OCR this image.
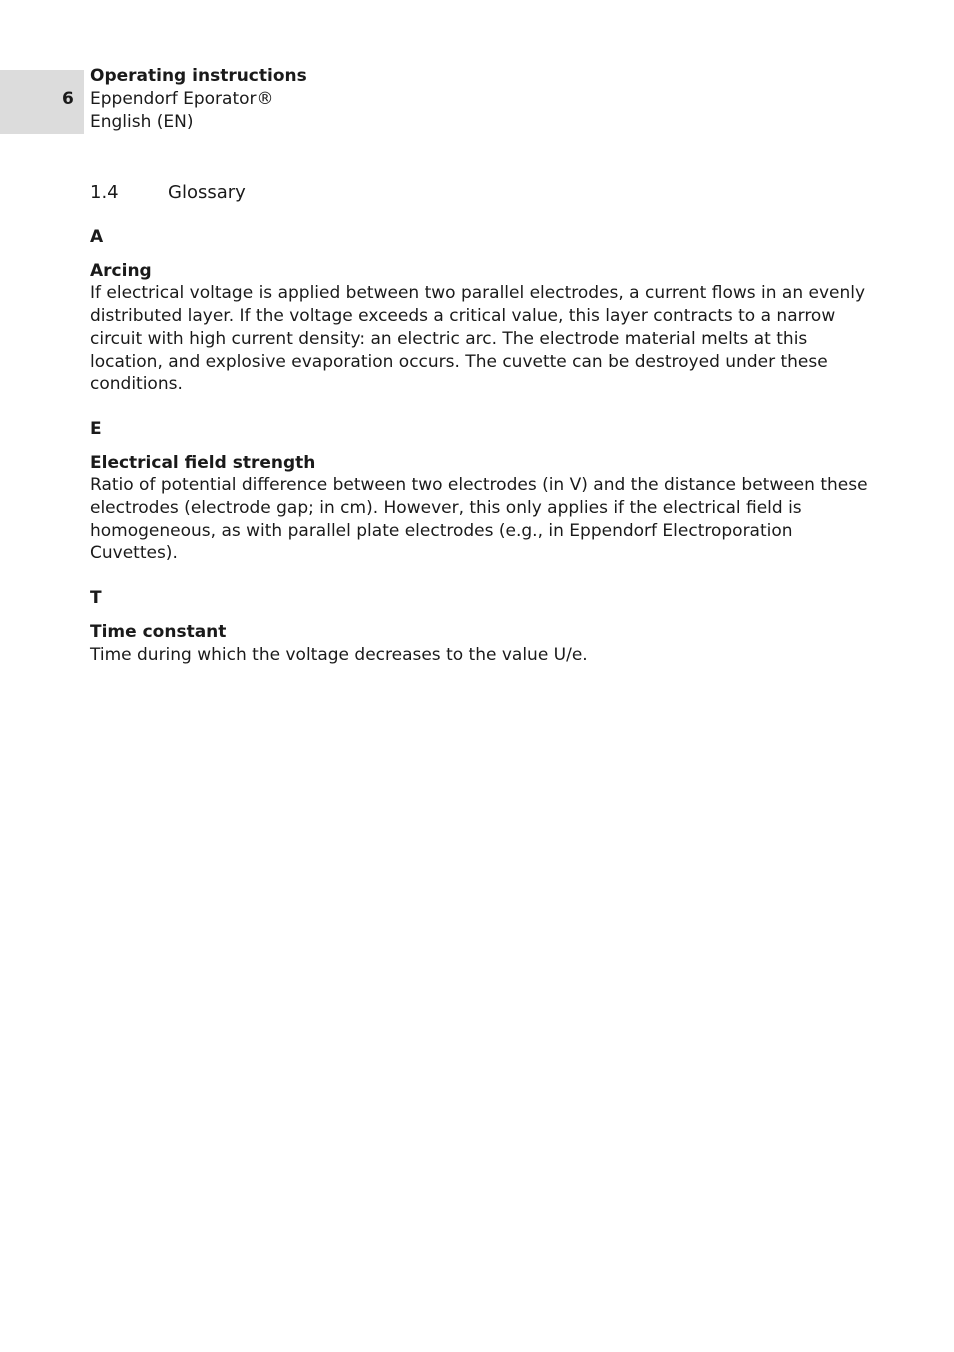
6
Operating instructions
Eppendorf Eporator®
English (EN)
1.4	Glossary
A
Arcing
If electrical voltage is applied between two parallel electrodes, a current flows in an evenly distributed layer. If the voltage exceeds a critical value, this layer contracts to a narrow circuit with high current density: an electric arc. The electrode material melts at this location, and explosive evaporation occurs. The cuvette can be destroyed under these conditions.
E
Electrical field strength
Ratio of potential difference between two electrodes (in V) and the distance between these electrodes (electrode gap; in cm). However, this only applies if the electrical field is homogeneous, as with parallel plate electrodes (e.g., in Eppendorf Electroporation Cuvettes).
T
Time constant
Time during which the voltage decreases to the value U/e.
